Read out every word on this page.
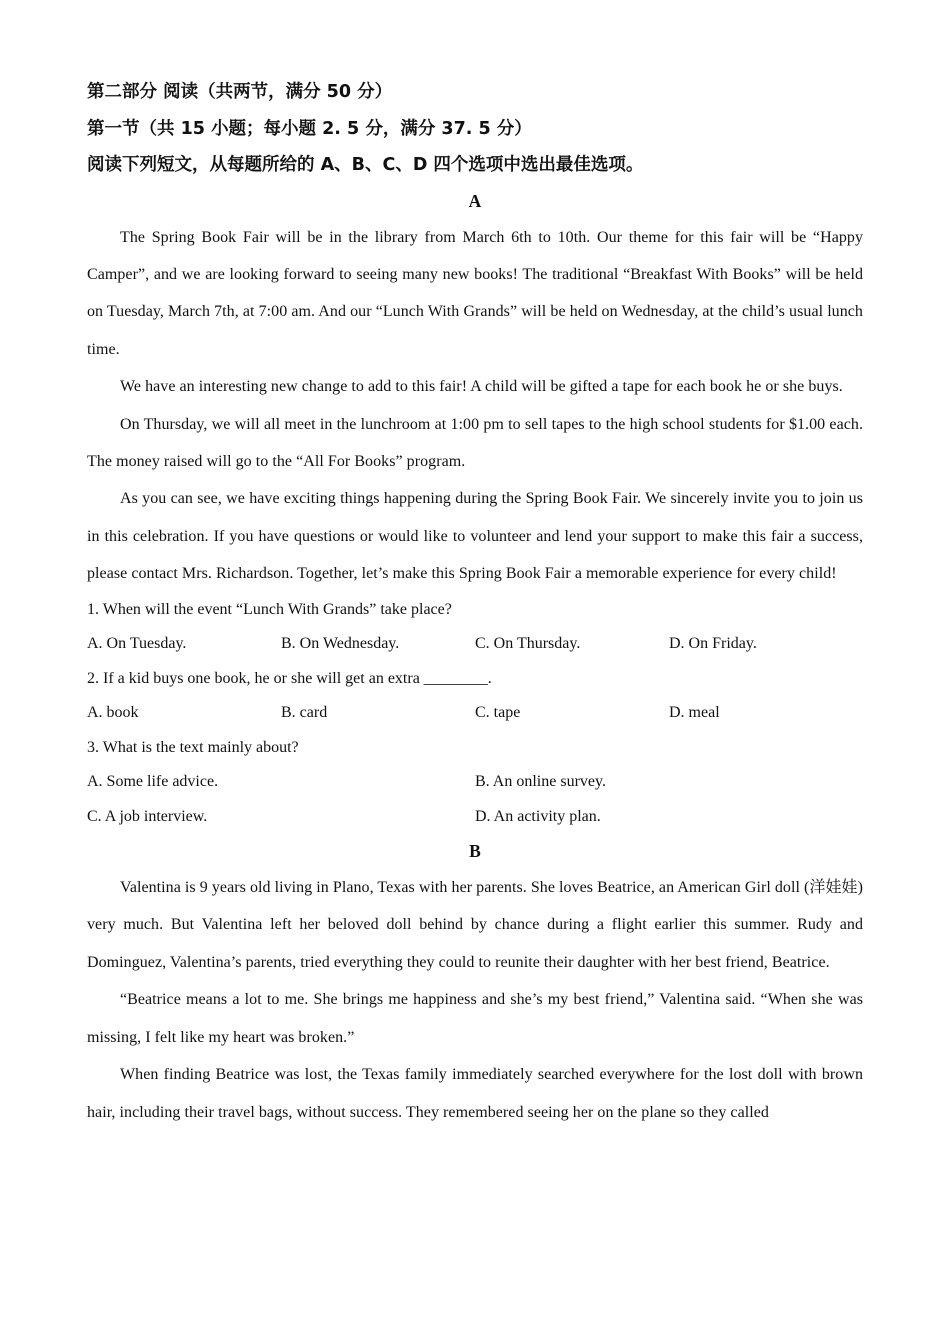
第二部分 阅读（共两节，满分 50 分）
第一节（共 15 小题；每小题 2. 5 分，满分 37. 5 分）
阅读下列短文，从每题所给的 A、B、C、D 四个选项中选出最佳选项。
A

The Spring Book Fair will be in the library from March 6th to 10th. Our theme for this fair will be “Happy Camper”, and we are looking forward to seeing many new books! The traditional “Breakfast With Books” will be held on Tuesday, March 7th, at 7:00 am. And our “Lunch With Grands” will be held on Wednesday, at the child’s usual lunch time.

We have an interesting new change to add to this fair! A child will be gifted a tape for each book he or she buys.

On Thursday, we will all meet in the lunchroom at 1:00 pm to sell tapes to the high school students for $1.00 each. The money raised will go to the “All For Books” program.

As you can see, we have exciting things happening during the Spring Book Fair. We sincerely invite you to join us in this celebration. If you have questions or would like to volunteer and lend your support to make this fair a success, please contact Mrs. Richardson. Together, let’s make this Spring Book Fair a memorable experience for every child!

1. When will the event “Lunch With Grands” take place?
A. On Tuesday.	B. On Wednesday.	C. On Thursday.	D. On Friday.
2. If a kid buys one book, he or she will get an extra ________.
A. book	B. card	C. tape	D. meal
3. What is the text mainly about?
A. Some life advice.	B. An online survey.
C. A job interview.	D. An activity plan.
B

Valentina is 9 years old living in Plano, Texas with her parents. She loves Beatrice, an American Girl doll (洋娃娃) very much. But Valentina left her beloved doll behind by chance during a flight earlier this summer. Rudy and Dominguez, Valentina’s parents, tried everything they could to reunite their daughter with her best friend, Beatrice.

“Beatrice means a lot to me. She brings me happiness and she’s my best friend,” Valentina said. “When she was missing, I felt like my heart was broken.”

When finding Beatrice was lost, the Texas family immediately searched everywhere for the lost doll with brown hair, including their travel bags, without success. They remembered seeing her on the plane so they called
